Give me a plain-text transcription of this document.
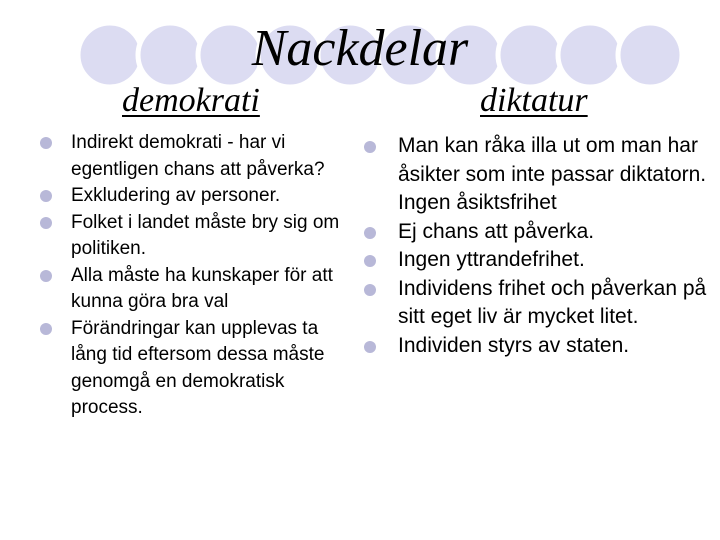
Nackdelar
demokrati	diktatur
Indirekt demokrati - har vi egentligen chans att påverka?
Exkludering av personer.
Folket i landet måste bry sig om politiken.
Alla måste ha kunskaper för att kunna göra bra val
Förändringar kan upplevas ta lång tid eftersom dessa måste genomgå en demokratisk process.
Man kan råka illa ut om man har åsikter som inte passar diktatorn. Ingen åsiktsfrihet
Ej chans att påverka.
Ingen yttrandefrihet.
Individens frihet och påverkan på sitt eget liv är mycket litet.
Individen styrs av staten.
